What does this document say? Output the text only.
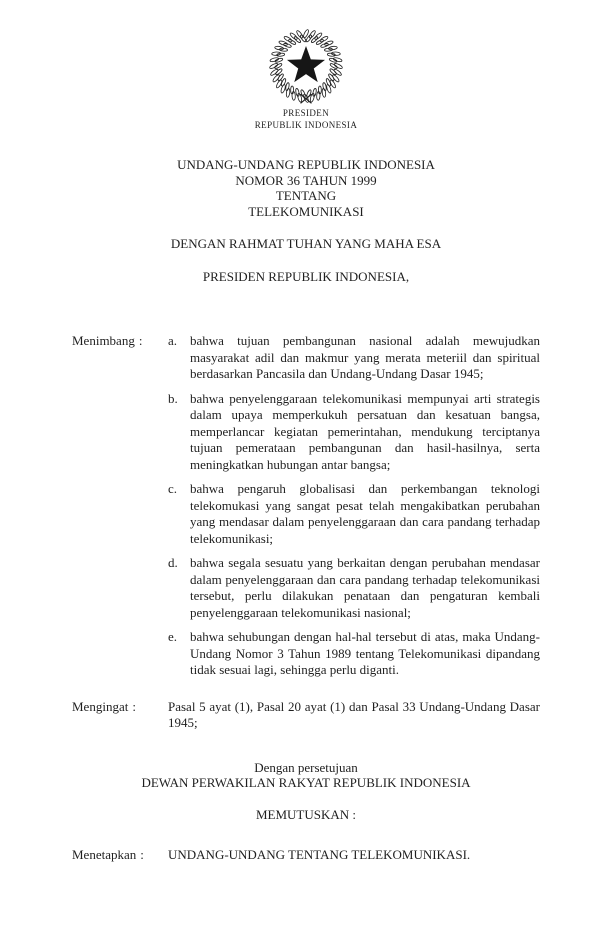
PRESIDEN
REPUBLIK INDONESIA
UNDANG-UNDANG REPUBLIK INDONESIA
NOMOR 36 TAHUN 1999
TENTANG
TELEKOMUNIKASI
DENGAN RAHMAT TUHAN YANG MAHA ESA
PRESIDEN REPUBLIK INDONESIA,
Menimbang :	a. bahwa tujuan pembangunan nasional adalah mewujudkan masyarakat adil dan makmur yang merata meteriil dan spiritual berdasarkan Pancasila dan Undang-Undang Dasar 1945;
b. bahwa penyelenggaraan telekomunikasi mempunyai arti strategis dalam upaya memperkukuh persatuan dan kesatuan bangsa, memperlancar kegiatan pemerintahan, mendukung terciptanya tujuan pemerataan pembangunan dan hasil-hasilnya, serta meningkatkan hubungan antar bangsa;
c. bahwa pengaruh globalisasi dan perkembangan teknologi telekomukasi yang sangat pesat telah mengakibatkan perubahan yang mendasar dalam penyelenggaraan dan cara pandang terhadap telekomunikasi;
d. bahwa segala sesuatu yang berkaitan dengan perubahan mendasar dalam penyelenggaraan dan cara pandang terhadap telekomunikasi tersebut, perlu dilakukan penataan dan pengaturan kembali penyelenggaraan telekomunikasi nasional;
e. bahwa sehubungan dengan hal-hal tersebut di atas, maka Undang-Undang Nomor 3 Tahun 1989 tentang Telekomunikasi dipandang tidak sesuai lagi, sehingga perlu diganti.
Mengingat :	Pasal 5 ayat (1), Pasal 20 ayat (1) dan Pasal 33 Undang-Undang Dasar 1945;
Dengan persetujuan
DEWAN PERWAKILAN RAKYAT REPUBLIK INDONESIA
MEMUTUSKAN :
Menetapkan :	UNDANG-UNDANG TENTANG TELEKOMUNIKASI.
